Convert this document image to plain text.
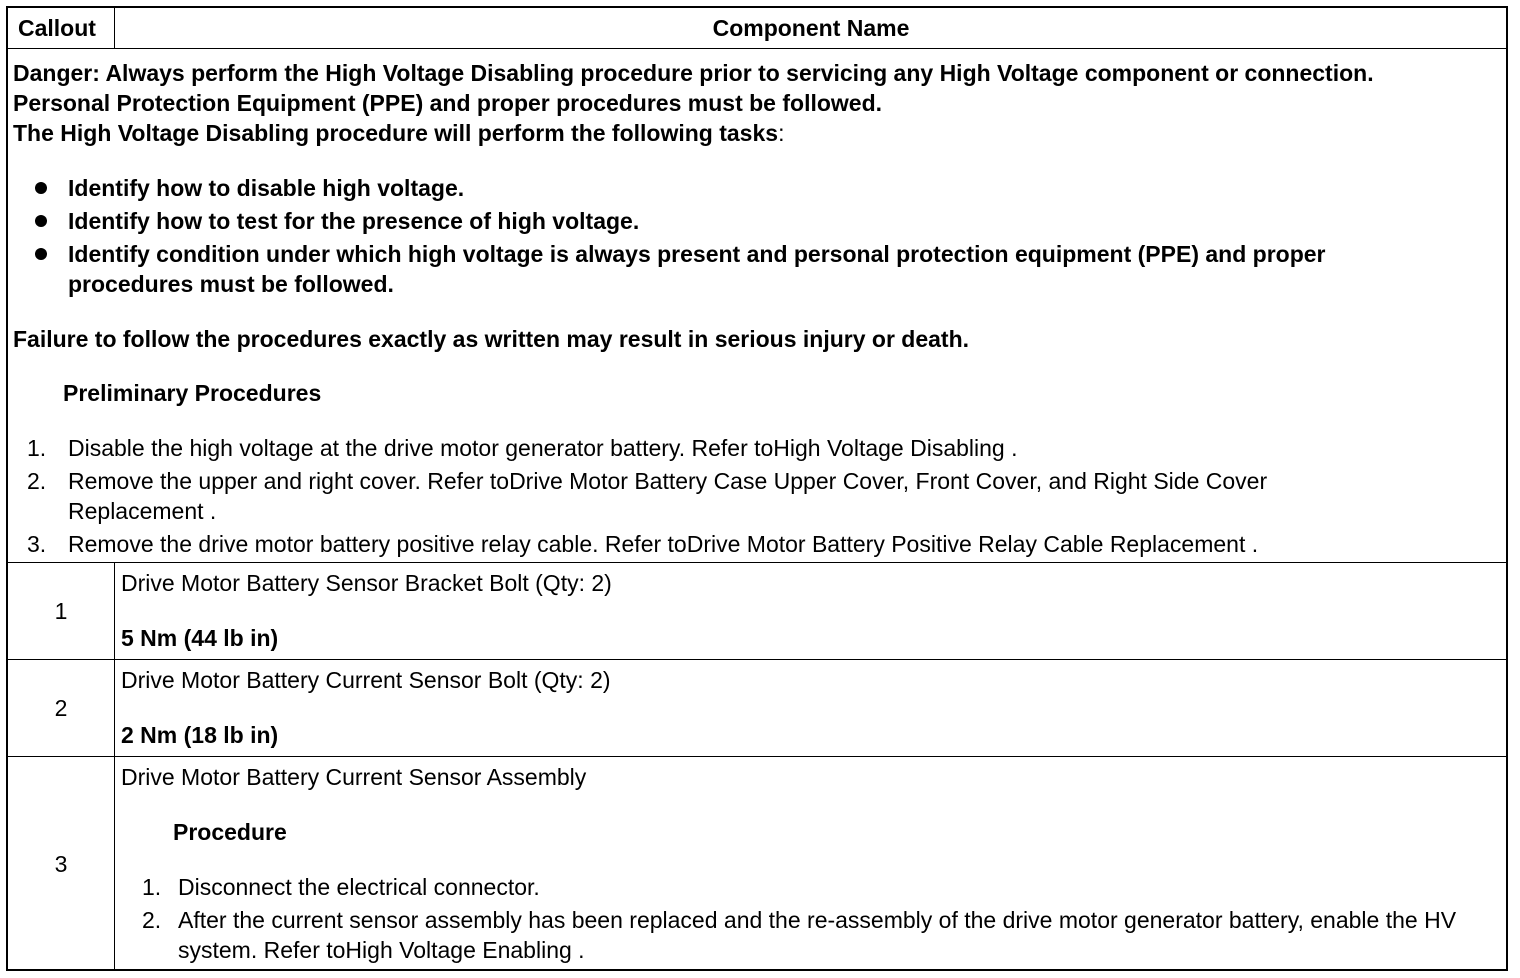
Callout	Component Name
Danger: Always perform the High Voltage Disabling procedure prior to servicing any High Voltage component or connection.
Personal Protection Equipment (PPE) and proper procedures must be followed.
The High Voltage Disabling procedure will perform the following tasks:
Identify how to disable high voltage.
Identify how to test for the presence of high voltage.
Identify condition under which high voltage is always present and personal protection equipment (PPE) and proper procedures must be followed.
Failure to follow the procedures exactly as written may result in serious injury or death.
Preliminary Procedures
1. Disable the high voltage at the drive motor generator battery. Refer toHigh Voltage Disabling .
2. Remove the upper and right cover. Refer toDrive Motor Battery Case Upper Cover, Front Cover, and Right Side Cover Replacement .
3. Remove the drive motor battery positive relay cable. Refer toDrive Motor Battery Positive Relay Cable Replacement .
1
Drive Motor Battery Sensor Bracket Bolt (Qty: 2)
5 Nm (44 lb in)
2
Drive Motor Battery Current Sensor Bolt (Qty: 2)
2 Nm (18 lb in)
3
Drive Motor Battery Current Sensor Assembly
Procedure
1. Disconnect the electrical connector.
2. After the current sensor assembly has been replaced and the re-assembly of the drive motor generator battery, enable the HV system. Refer toHigh Voltage Enabling .
